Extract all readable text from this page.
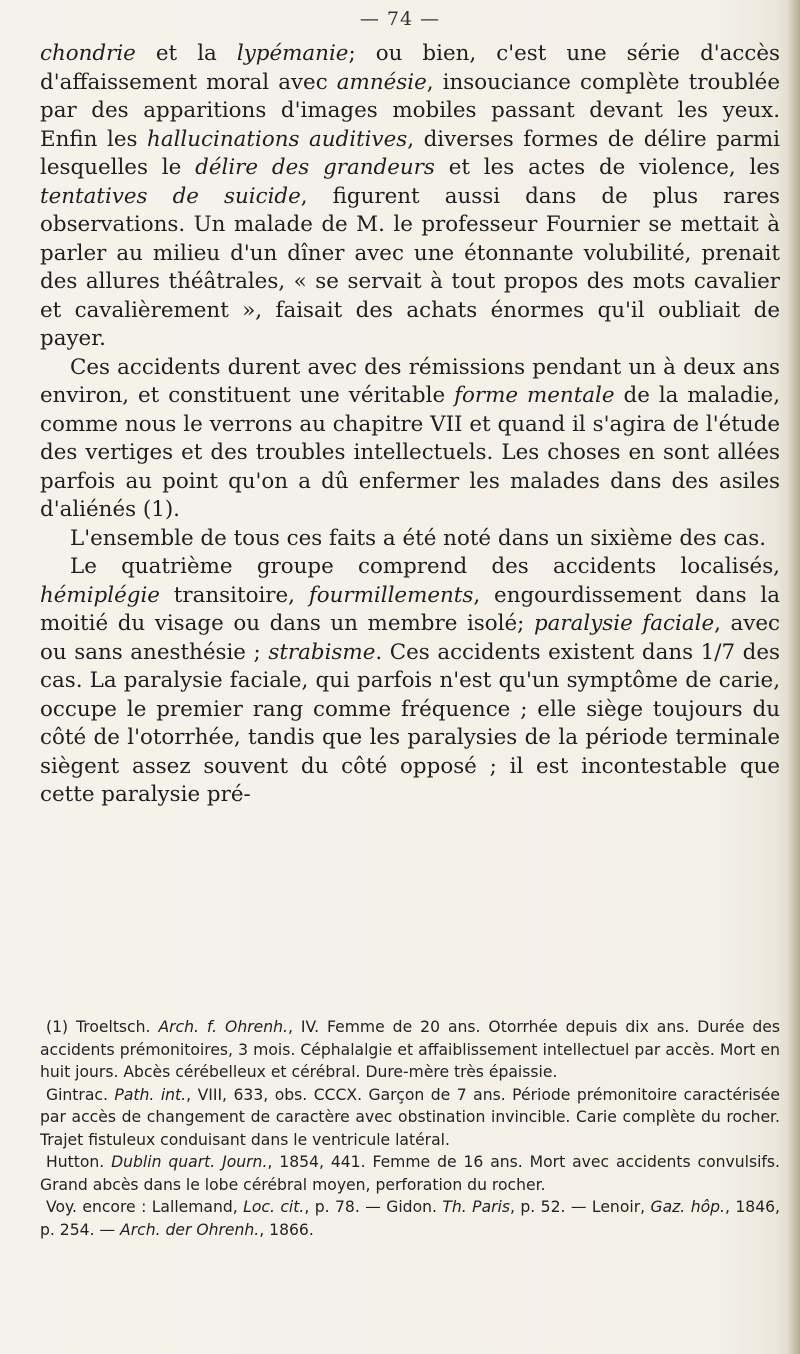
— 74 —

chondrie et la lypémanie; ou bien, c'est une série d'accès d'affaissement moral avec amnésie, insouciance complète troublée par des apparitions d'images mobiles passant devant les yeux. Enfin les hallucinations auditives, diverses formes de délire parmi lesquelles le délire des grandeurs et les actes de violence, les tentatives de suicide, figurent aussi dans de plus rares observations. Un malade de M. le professeur Fournier se mettait à parler au milieu d'un dîner avec une étonnante volubilité, prenait des allures théâtrales, « se servait à tout propos des mots cavalier et cavalièrement », faisait des achats énormes qu'il oubliait de payer.

Ces accidents durent avec des rémissions pendant un à deux ans environ, et constituent une véritable forme mentale de la maladie, comme nous le verrons au chapitre VII et quand il s'agira de l'étude des vertiges et des troubles intellectuels. Les choses en sont allées parfois au point qu'on a dû enfermer les malades dans des asiles d'aliénés (1).

L'ensemble de tous ces faits a été noté dans un sixième des cas.

Le quatrième groupe comprend des accidents localisés, hémiplégie transitoire, fourmillements, engourdissement dans la moitié du visage ou dans un membre isolé; paralysie faciale, avec ou sans anesthésie ; strabisme. Ces accidents existent dans 1/7 des cas. La paralysie faciale, qui parfois n'est qu'un symptôme de carie, occupe le premier rang comme fréquence ; elle siège toujours du côté de l'otorrhée, tandis que les paralysies de la période terminale siègent assez souvent du côté opposé ; il est incontestable que cette paralysie pré-

(1) Troeltsch. Arch. f. Ohrenh., IV. Femme de 20 ans. Otorrhée depuis dix ans. Durée des accidents prémonitoires, 3 mois. Céphalalgie et affaiblissement intellectuel par accès. Mort en huit jours. Abcès cérébelleux et cérébral. Dure-mère très épaissie.

Gintrac. Path. int., VIII, 633, obs. CCCX. Garçon de 7 ans. Période prémonitoire caractérisée par accès de changement de caractère avec obstination invincible. Carie complète du rocher. Trajet fistuleux conduisant dans le ventricule latéral.

Hutton. Dublin quart. Journ., 1854, 441. Femme de 16 ans. Mort avec accidents convulsifs. Grand abcès dans le lobe cérébral moyen, perforation du rocher.

Voy. encore : Lallemand, Loc. cit., p. 78. — Gidon. Th. Paris, p. 52. — Lenoir, Gaz. hôp., 1846, p. 254. — Arch. der Ohrenh., 1866.
